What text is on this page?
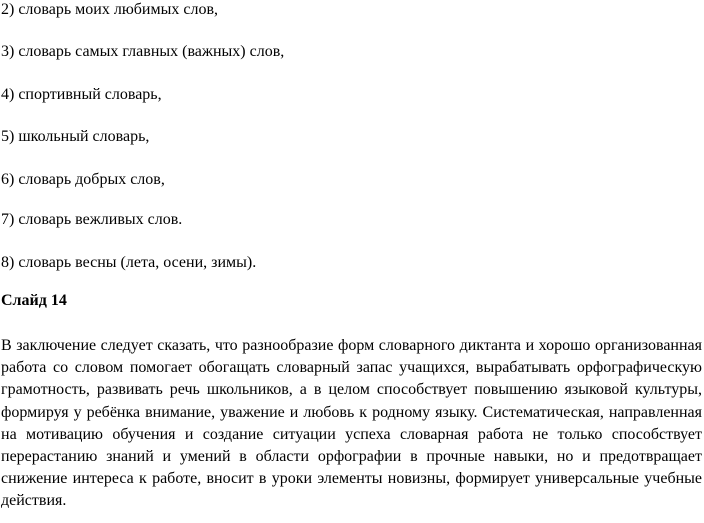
2) словарь моих любимых слов,
3) словарь самых главных (важных) слов,
4) спортивный словарь,
5) школьный словарь,
6) словарь добрых слов,
7) словарь вежливых слов.
8) словарь весны (лета, осени, зимы).
Слайд 14

В заключение следует сказать, что разнообразие форм словарного диктанта и хорошо организованная работа со словом помогает обогащать словарный запас учащихся, вырабатывать орфографическую грамотность, развивать речь школьников, а в целом способствует повышению языковой культуры, формируя у ребёнка внимание, уважение и любовь к родному языку. Систематическая, направленная на мотивацию обучения и создание ситуации успеха словарная работа не только способствует перерастанию знаний и умений в области орфографии в прочные навыки, но и предотвращает снижение интереса к работе, вносит в уроки элементы новизны, формирует универсальные учебные действия.
